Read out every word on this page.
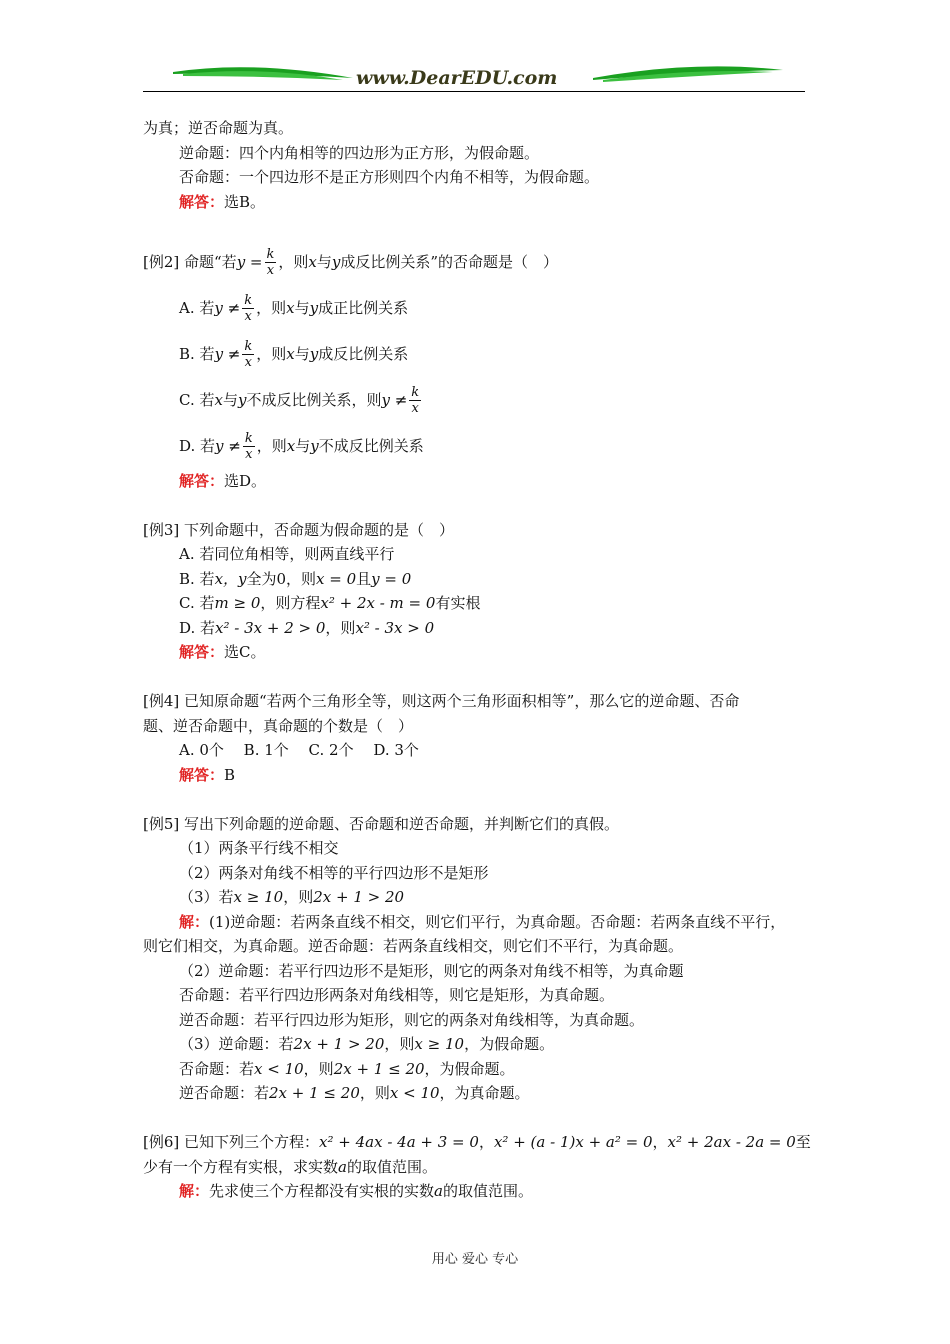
www.DearEDU.com
为真；逆否命题为真。
逆命题：四个内角相等的四边形为正方形，为假命题。
否命题：一个四边形不是正方形则四个内角不相等，为假命题。
解答：选B。
[例2] 命题“若$y = \frac{k}{x}$ ，则x与y成反比例关系”的否命题是（　）
A. 若$y \ne \frac{k}{x}$ ，则x与y成正比例关系
B. 若$y \ne \frac{k}{x}$ ，则x与y成反比例关系
C. 若x与y不成反比例关系，则$y \ne \frac{k}{x}$
D. 若$y \ne \frac{k}{x}$ ，则x与y不成反比例关系
解答：选D。
[例3] 下列命题中，否命题为假命题的是（　）
A. 若同位角相等，则两直线平行
B. 若x，y全为0，则x = 0且y = 0
C. 若m ≥ 0，则方程x² + 2x - m = 0有实根
D. 若x² - 3x + 2 > 0，则x² - 3x > 0
解答：选C。
[例4] 已知原命题“若两个三角形全等，则这两个三角形面积相等”，那么它的逆命题、否命
题、逆否命题中，真命题的个数是（　）
A. 0个　 B. 1个　 C. 2个　 D. 3个
解答：B
[例5] 写出下列命题的逆命题、否命题和逆否命题，并判断它们的真假。
（1）两条平行线不相交
（2）两条对角线不相等的平行四边形不是矩形
（3）若x ≥ 10，则2x + 1 > 20
解：(1)逆命题：若两条直线不相交，则它们平行，为真命题。否命题：若两条直线不平行，
则它们相交，为真命题。逆否命题：若两条直线相交，则它们不平行，为真命题。
（2）逆命题：若平行四边形不是矩形，则它的两条对角线不相等，为真命题
否命题：若平行四边形两条对角线相等，则它是矩形，为真命题。
逆否命题：若平行四边形为矩形，则它的两条对角线相等，为真命题。
（3）逆命题：若2x + 1 > 20，则x ≥ 10，为假命题。
否命题：若x < 10，则2x + 1 ≤ 20，为假命题。
逆否命题：若2x + 1 ≤ 20，则x < 10，为真命题。
[例6] 已知下列三个方程：x² + 4ax - 4a + 3 = 0，x² + (a - 1)x + a² = 0，x² + 2ax - 2a = 0至
少有一个方程有实根，求实数a的取值范围。
解：先求使三个方程都没有实根的实数a的取值范围。
用心 爱心 专心
